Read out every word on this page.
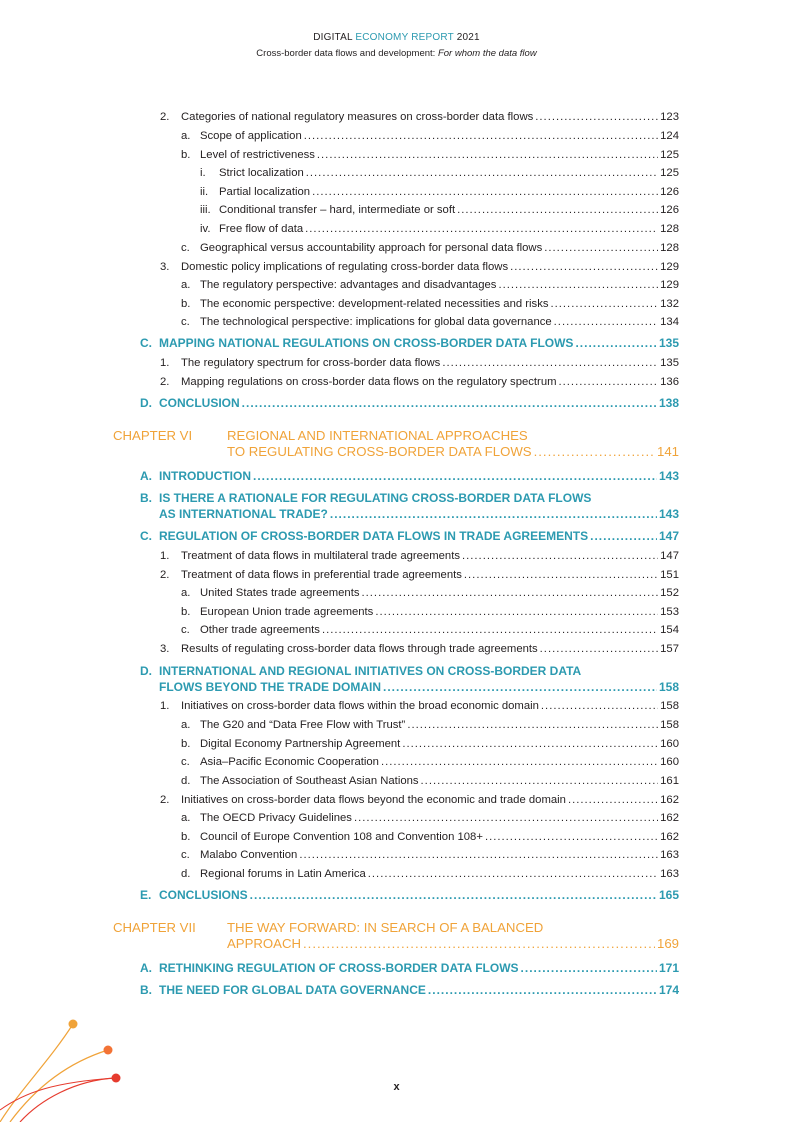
DIGITAL ECONOMY REPORT 2021
Cross-border data flows and development: For whom the data flow
2. Categories of national regulatory measures on cross-border data flows .....	123
a. Scope of application .....	124
b. Level of restrictiveness .....	125
i. Strict localization .....	125
ii. Partial localization .....	126
iii. Conditional transfer – hard, intermediate or soft .....	126
iv. Free flow of data .....	128
c. Geographical versus accountability approach for personal data flows .....	128
3. Domestic policy implications of regulating cross-border data flows .....	129
a. The regulatory perspective: advantages and disadvantages .....	129
b. The economic perspective: development-related necessities and risks .....	132
c. The technological perspective: implications for global data governance .....	134
C. MAPPING NATIONAL REGULATIONS ON CROSS-BORDER DATA FLOWS .....	135
1. The regulatory spectrum for cross-border data flows .....	135
2. Mapping regulations on cross-border data flows on the regulatory spectrum .....	136
D. CONCLUSION .....	138
CHAPTER VI	REGIONAL AND INTERNATIONAL APPROACHES
TO REGULATING CROSS-BORDER DATA FLOWS .....	141
A. INTRODUCTION .....	143
B. IS THERE A RATIONALE FOR REGULATING CROSS-BORDER DATA FLOWS
AS INTERNATIONAL TRADE? .....	143
C. REGULATION OF CROSS-BORDER DATA FLOWS IN TRADE AGREEMENTS .....	147
1. Treatment of data flows in multilateral trade agreements .....	147
2. Treatment of data flows in preferential trade agreements .....	151
a. United States trade agreements .....	152
b. European Union trade agreements .....	153
c. Other trade agreements .....	154
3. Results of regulating cross-border data flows through trade agreements .....	157
D. INTERNATIONAL AND REGIONAL INITIATIVES ON CROSS-BORDER DATA
FLOWS BEYOND THE TRADE DOMAIN .....	158
1. Initiatives on cross-border data flows within the broad economic domain .....	158
a. The G20 and “Data Free Flow with Trust” .....	158
b. Digital Economy Partnership Agreement .....	160
c. Asia–Pacific Economic Cooperation .....	160
d. The Association of Southeast Asian Nations .....	161
2. Initiatives on cross-border data flows beyond the economic and trade domain .....	162
a. The OECD Privacy Guidelines .....	162
b. Council of Europe Convention 108 and Convention 108+ .....	162
c. Malabo Convention .....	163
d. Regional forums in Latin America .....	163
E. CONCLUSIONS .....	165
CHAPTER VII THE WAY FORWARD: IN SEARCH OF A BALANCED
APPROACH .....	169
A. RETHINKING REGULATION OF CROSS-BORDER DATA FLOWS .....	171
B. THE NEED FOR GLOBAL DATA GOVERNANCE .....	174
x
